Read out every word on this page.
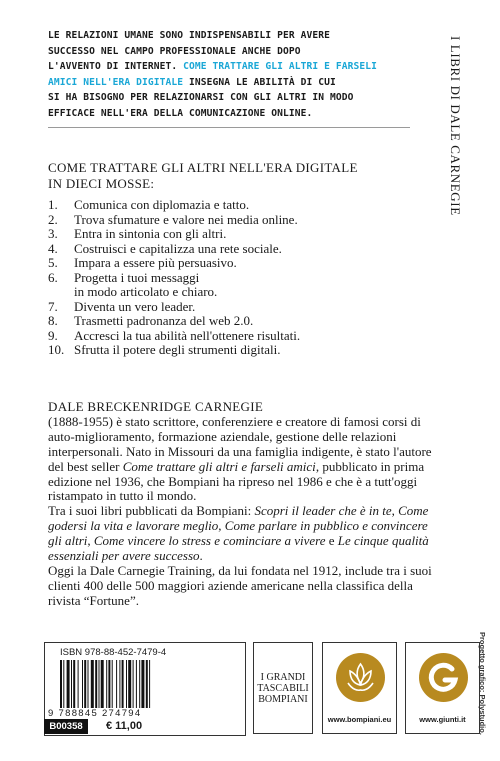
LE RELAZIONI UMANE SONO INDISPENSABILI PER AVERE
SUCCESSO NEL CAMPO PROFESSIONALE ANCHE DOPO
L'AVVENTO DI INTERNET. COME TRATTARE GLI ALTRI E FARSELI
AMICI NELL'ERA DIGITALE INSEGNA LE ABILITÀ DI CUI
SI HA BISOGNO PER RELAZIONARSI CON GLI ALTRI IN MODO
EFFICACE NELL'ERA DELLA COMUNICAZIONE ONLINE.	I LIBRI DI DALE CARNEGIE
COME TRATTARE GLI ALTRI NELL'ERA DIGITALE
IN DIECI MOSSE:
1.	Comunica con diplomazia e tatto.
2.	Trova sfumature e valore nei media online.
3.	Entra in sintonia con gli altri.
4.	Costruisci e capitalizza una rete sociale.
5.	Impara a essere più persuasivo.
6.	Progetta i tuoi messaggi
in modo articolato e chiaro.
7.	Diventa un vero leader.
8.	Trasmetti padronanza del web 2.0.
9.	Accresci la tua abilità nell'ottenere risultati.
10. Sfrutta il potere degli strumenti digitali.
DALE BRECKENRIDGE CARNEGIE

(1888-1955) è stato scrittore, conferenziere e creatore di famosi corsi di auto-miglioramento, formazione aziendale, gestione delle relazioni interpersonali. Nato in Missouri da una famiglia indigente, è stato l'autore del best seller Come trattare gli altri e farseli amici, pubblicato in prima edizione nel 1936, che Bompiani ha ripreso nel 1986 e che è a tutt'oggi ristampato in tutto il mondo.

Tra i suoi libri pubblicati da Bompiani: Scopri il leader che è in te, Come godersi la vita e lavorare meglio, Come parlare in pubblico e convincere gli altri, Come vincere lo stress e cominciare a vivere e Le cinque qualità essenziali per avere successo.

Oggi la Dale Carnegie Training, da lui fondata nel 1912, include tra i suoi clienti 400 delle 500 maggiori aziende americane nella classifica della rivista “Fortune”.

Progetto grafico: Polystudio.
ISBN 978-88-452-7479-4
9 788845 274794
B00358	€ 11,00
I GRANDI
TASCABILI
BOMPIANI
www.bompiani.eu	www.giunti.it
